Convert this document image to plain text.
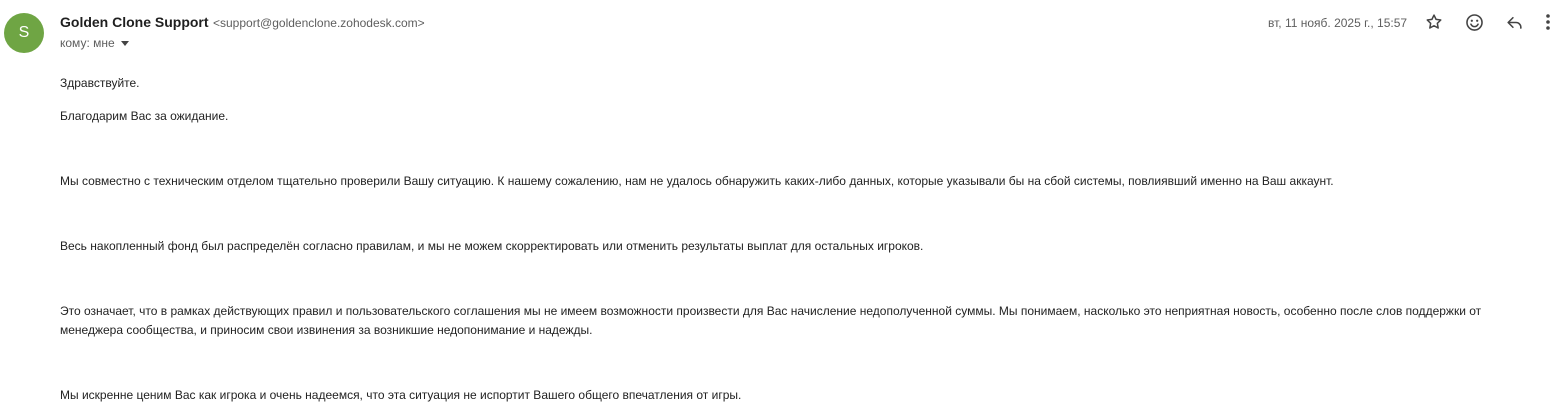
S
Golden Clone Support <support@goldenclone.zohodesk.com>
кому: мне
вт, 11 нояб. 2025 г., 15:57

Здравствуйте.

Благодарим Вас за ожидание.

Мы совместно с техническим отделом тщательно проверили Вашу ситуацию. К нашему сожалению, нам не удалось обнаружить каких-либо данных, которые указывали бы на сбой системы, повлиявший именно на Ваш аккаунт.

Весь накопленный фонд был распределён согласно правилам, и мы не можем скорректировать или отменить результаты выплат для остальных игроков.

Это означает, что в рамках действующих правил и пользовательского соглашения мы не имеем возможности произвести для Вас начисление недополученной суммы. Мы понимаем, насколько это неприятная новость, особенно после слов поддержки от менеджера сообщества, и приносим свои извинения за возникшие недопонимание и надежды.

Мы искренне ценим Вас как игрока и очень надеемся, что эта ситуация не испортит Вашего общего впечатления от игры.
